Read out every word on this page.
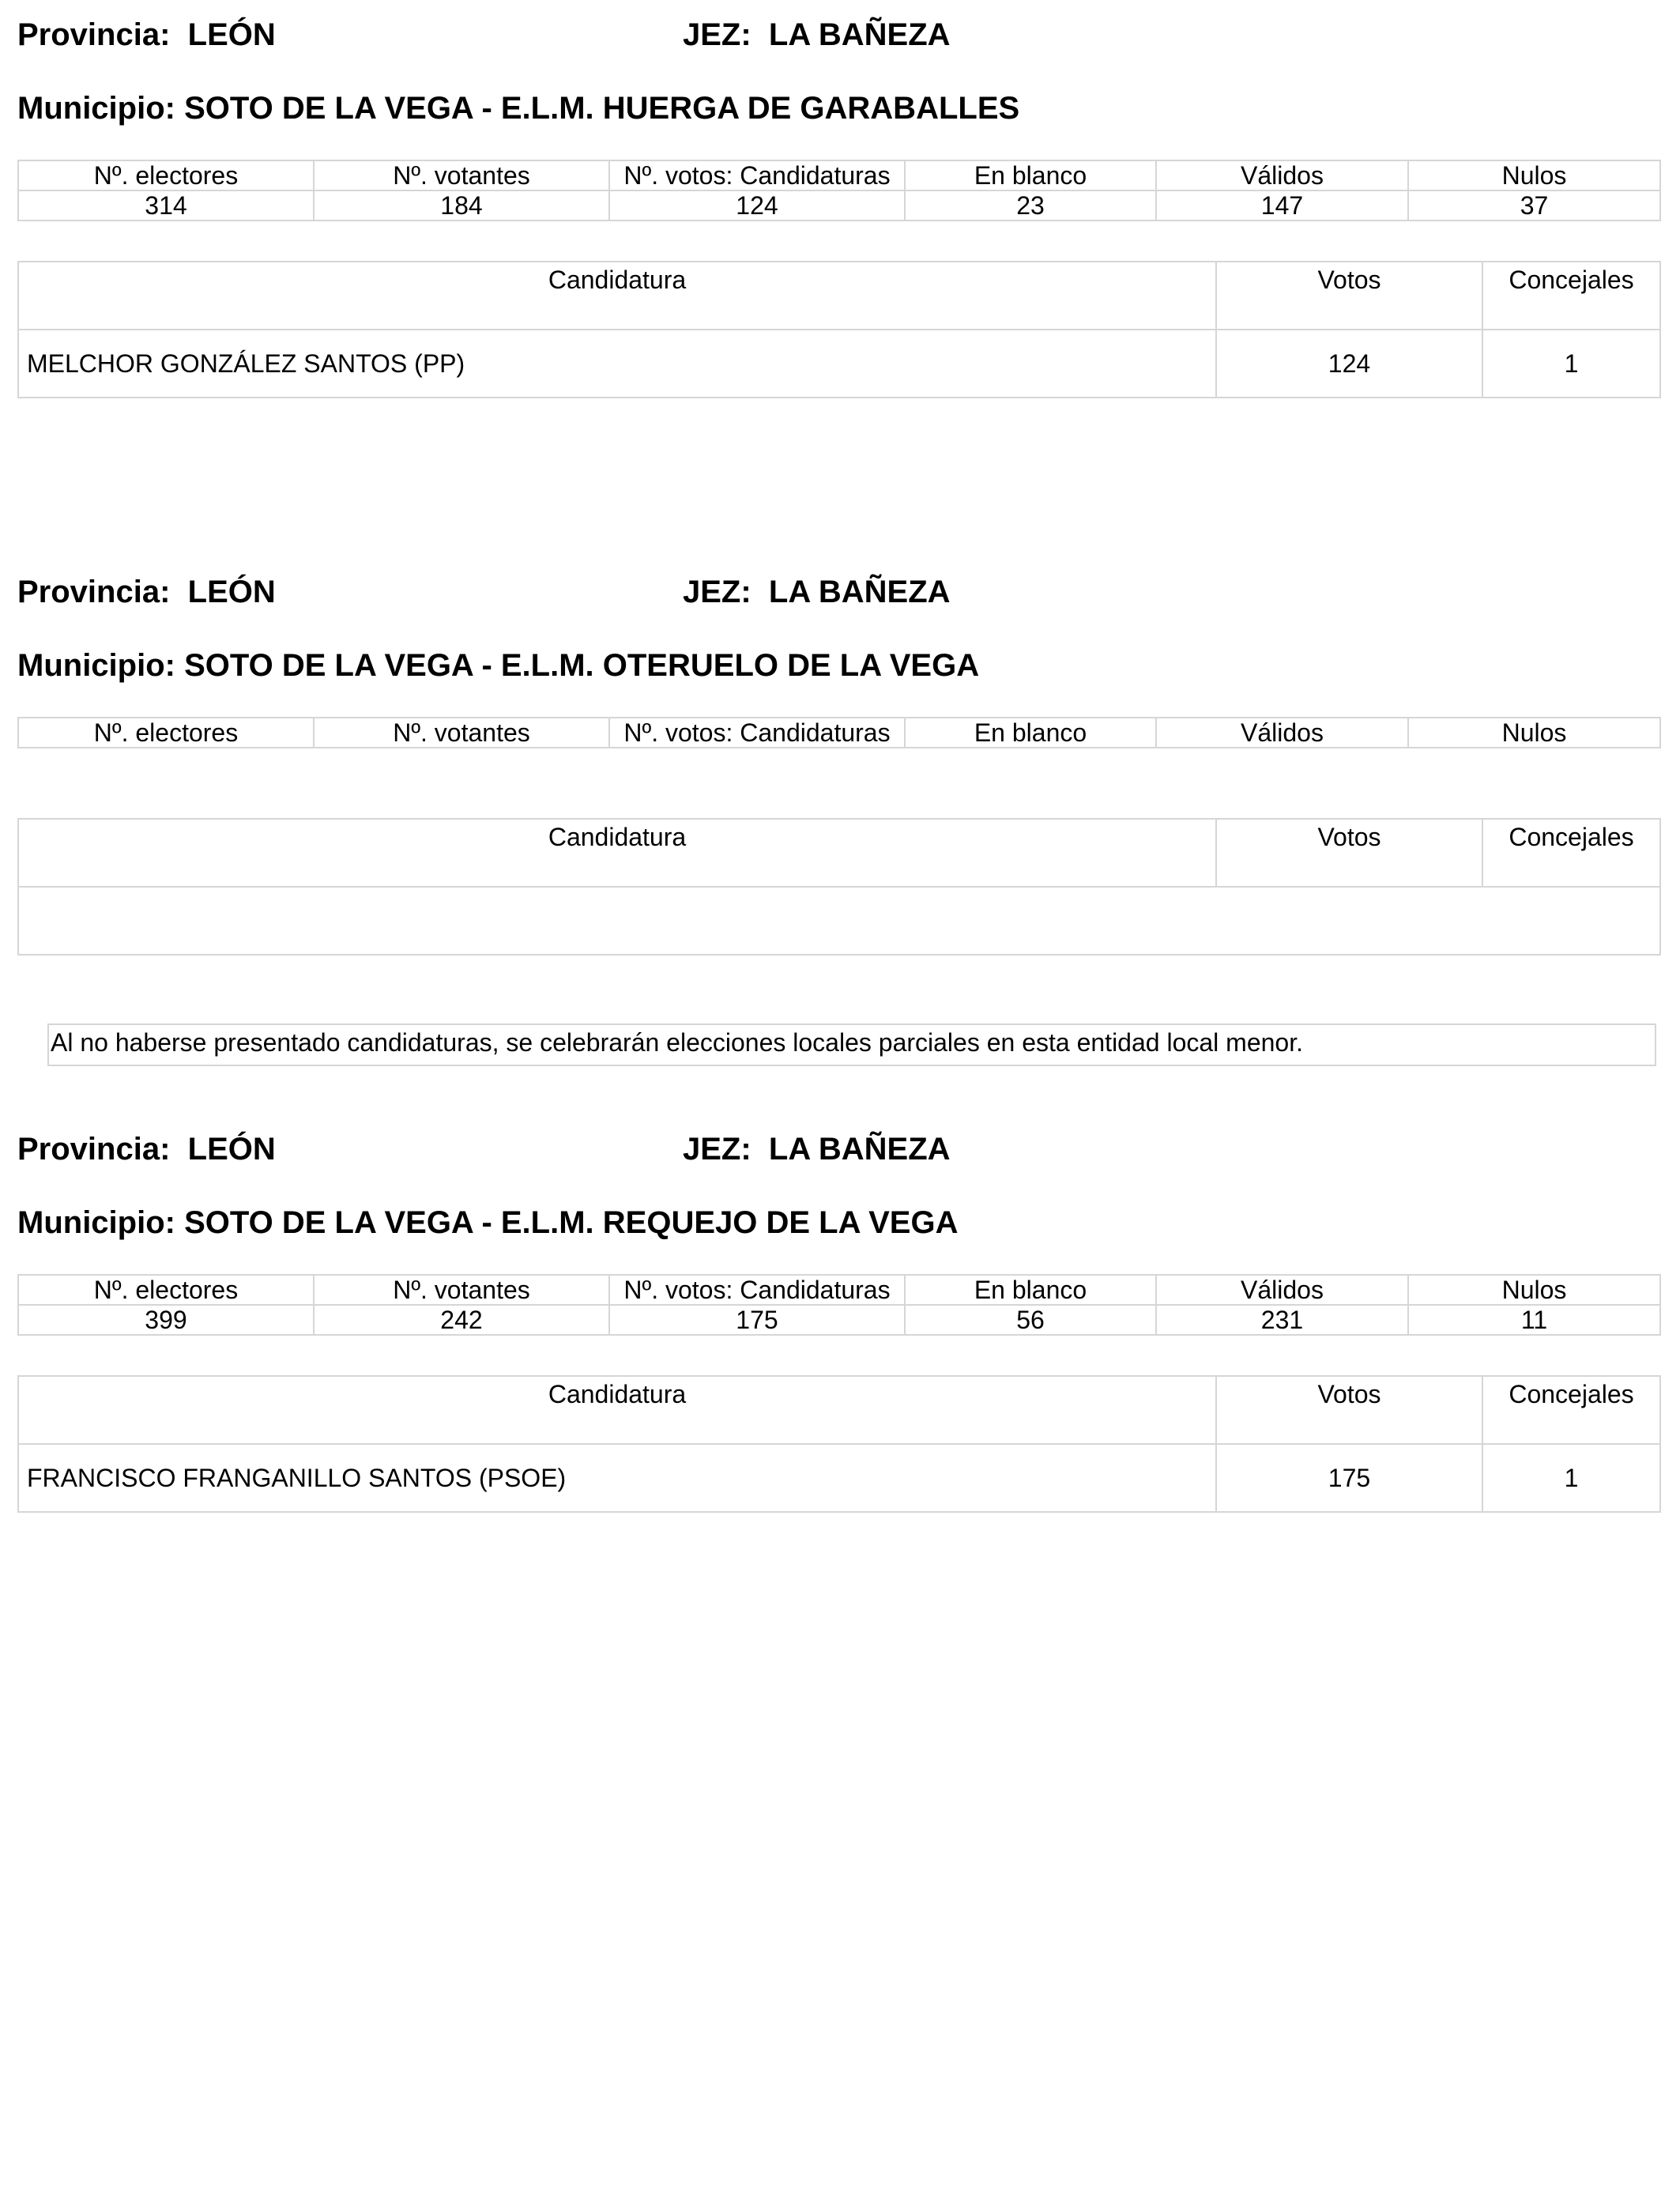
Provincia: LEÓN	JEZ: LA BAÑEZA
Municipio: SOTO DE LA VEGA - E.L.M. HUERGA DE GARABALLES
Nº. electores	Nº. votantes	Nº. votos: Candidaturas	En blanco	Válidos	Nulos
314	184	124	23	147	37
Candidatura	Votos	Concejales
MELCHOR GONZÁLEZ SANTOS (PP)	124	1
Provincia: LEÓN	JEZ: LA BAÑEZA
Municipio: SOTO DE LA VEGA - E.L.M. OTERUELO DE LA VEGA
Nº. electores	Nº. votantes	Nº. votos: Candidaturas	En blanco	Válidos	Nulos
Candidatura	Votos	Concejales

Al no haberse presentado candidaturas, se celebrarán elecciones locales parciales en esta entidad local menor.
Provincia: LEÓN	JEZ: LA BAÑEZA
Municipio: SOTO DE LA VEGA - E.L.M. REQUEJO DE LA VEGA
Nº. electores	Nº. votantes	Nº. votos: Candidaturas	En blanco	Válidos	Nulos
399	242	175	56	231	11
Candidatura	Votos	Concejales
FRANCISCO FRANGANILLO SANTOS (PSOE)	175	1
